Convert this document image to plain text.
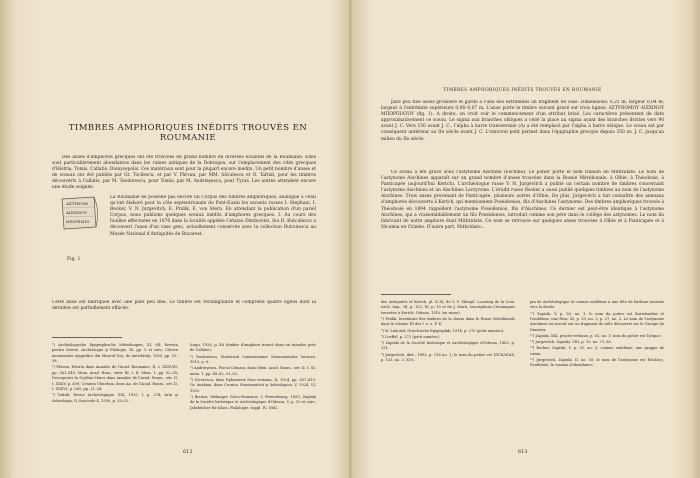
TIMBRES AMPHORIQUES INÉDITS TROUVÉS EN ROUMANIE

Des anses d'amphores grecques ont été trouvées en grand nombre en diverses localités de la Roumanie. Elles sont particulièrement abondantes dans les ruines antiques de la Dobrogea, sur l'emplacement des cités grecques d'Histria, Tomis, Callatis, Dionysopolis. Ces matériaux sont pour la plupart encore inédits. Un petit nombre d'anses et de sceaux ont été publiés par Gr. Tocilescu, et par V. Pârvan, par MM. Săvulescu et O. Tafrali, pour les timbres découverts à Callatis, par M. Teodorescu, pour Tomis, par M. Andrieşescu, pour Tyras. Les autres attendent encore une étude soignée.

ΑΣΤΥΝΟΜ
ΑΙΣΧΙΝΟΥ
ΜΠΟΡΠΙΑΤΟ
Fig. 1

La Roumanie ne possède pas encore un Corpus des timbres amphoriques, analogue à celui qu'ont élaboré pour la côte septentrionale du Pont-Euxin les savants russes I. Stephani, I. Becker, V. N. Jurgevitch, E. Pridik, E. von Stern. En attendant la publication d'un pareil Corpus, nous publions quelques sceaux inédits d'amphores grecques. I. Au cours des fouilles effectuées en 1876 dans la localité appelée Cetatea Dimbovitei, feu D. Butculescu a découvert l'anse d'un vase grec, actuellement conservée avec la collection Butculescu au Musée National d'Antiquités de Bucarest.

Cette anse est fabriquée avec une pâte peu fine. Le timbre est rectangulaire et comprend quatre lignes dont la dernière est partiellement effacée.

¹) Archäologische Epigraphische Mitteilungen, XI, 64; Revista pentru Istorie, Archeologie şi Filologie, IX, pp. 5 et suiv.; Câteva monumente epigrafice din Muzeul Naţ. de Antichităţi, 1905, pp. 52–58.

²) Pârvan, Histria dans Annales de l'Acad. Roumaine, II, s. XXXVIII, pp. 541–543; Mem. Acad. Rom., série III, t. II, Mem. 1, pp. 32–38; Descoperiri în Scythia Minor dans Annales de l'Acad. Roum., sér. II, t. XXXV, p. 490; Cetatea Ulmetum, dans An. de l'Acad. Roum., sér. II, t. XXXVI, p. 561, pp. 21–24.

³) Tafrali, Revue Archéologique, XXI, 1925, I, p. 274; Arta şi Arheologia, II, fascicule 4, 1930, p. 29–52.

Iorga, 1928, p. 46 (timbre d'amphore trouvé dans un tumulus près de Callatis).

⁴) Teodorescu, Statistical Commissioner Monumentelor Istorice, 1915, p. 6.

⁵) Andrieşescu, Piscul Crăsani, dans Mém. Acad. Roum., sér. II, t. XI, mém. 1, pp. 48–82, 91–92.

⁶) Nicorescu, dans Ephemeris Daco-romana, II, 1924, pp. 387–415; Gr. Avakian, dans Cronica Numismatică şi Arheologică, V, 1924, VI, 1925.

⁷) Becker, Mélanges Gréco-Romains, I, Petersbourg, 1855; Zapiski de la Société historique et Archéologique d'Odessa, V, p. 10 et suiv.; Jahrbücher für Klass. Philologie, suppl. IV, 1862.

612
TIMBRES AMPHORIQUES INÉDITS TROUVÉS EN ROUMANIE

pâte peu fine assez grossière et garde à l'une des extrémités un fragment de vase. Dimensions: 0,21 m; largeur 0,04 m; largeur à l'extrémité supérieure 0,06–0,07 m. L'anse porte le timbre suivant gravé sur trois lignes: ΑΣΤΥΝΟΜΟΥ ΑΙΣΧΙΝΟΥ ΜΠΟΡΠΙΑΤΟΥ (fig. 1). A droite, on croit voir le commencement d'un attribut brisé. Les caractères présentent de date approximativement ce sceau. Le sigma aux branches obliques a cédé la place au sigma ayant des branches droites vers 90 avant J. C. Vers 150 avant J. C., l'alpha à barre transversale (A) a été remplacé par l'alpha à barre oblique. Le sceau est par conséquent antérieur au IIe siècle avant J. C. L'omicron petit permet dans l'épigraphie grecque depuis 350 av. J. C. jusqu'au milieu du IIe siècle.

Ce sceau a été gravé sous l'astynome Aischine (Eschine). Le potier porte le nom iranien de Mithridate. Le nom de l'astynome Aischines apparaît sur un grand nombre d'anses trouvées dans la Russie Méridionale, à Olbie, à Théodosie, à Panticapée (aujourd'hui Kertch). L'archéologue russe V. N. Jurgevitch a publié un certain nombre de timbres concernant l'astynome Aischines et un Aischines Lactyrome. L'érudit russe Becker a aussi publié quelques timbres au nom de l'astynome Aischines. Trois anses provenant de Panticapée, plusieurs autres d'Olbie. De plus, Jurgevitch a fait connaître des anneaux d'amphores découverts à Kertch, qui mentionnent Poseidonios, fils d'Aischines l'astynome. Des timbres amphoriques trouvés à Théodosie en 1894 rappellent l'astynome Poseidonios, fils d'Aischines. Ce dernier est peut-être identique à l'astynome Aischines, qui a vraisemblablement un fils Poseidonios, introduit comme son père dans le collège des astynomes. Le nom du fabricant de notre amphore était Mithridate. Ce nom se retrouve sur quelques anses trouvées à Olbie et à Panticapée et à Nicomia en Crimée. D'autre part, Mithridate...

des Antiquités of Kertch, pl. X–XI, de V. V. Skorpil. Locating de la Com. Arch. Imp., III, p. 122; XI, p. 19 et de J. Marti, Inscriptions Céramiques trouvées à Kertch, Odessa, 1910 (en russe).

²) Pridik, Inventaire des timbres de la classe dans le Russe Méridionale dans le volume III des I. o. s. P. E.

³) W. Latichef, Griechische Epigraphik, 1914, p. 270 (petit numéro).

⁴) Loeffel, p. 272 (petit numéro).

⁵) Zapiski de la Société historique et Archéologique d'Odessa, 1883, p. 121.

⁶) Jurgevitch, ibid., 1893, p. 116 no. 1; le nom du potier est ΣΥΓΚΛΕΑΣ; p. 133, no. 2; ΧΥΛ.

pin de Archéologique et comme emblème à une tête de barbare tournée vers la droite.

¹¹) Zapiski, V, p. 56, no. 1: le nom du potier est Kartobardas et l'emblème, une fleur. XI, p. 33, no. 2; p. 27, no. 2. Le nom de l'astynome Aischines est inscrit sur un fragment de tuile découvert sur le Groupe du Dniester.

¹²) Zapiski, XXI, procès-verbaux, p. 61, no. 1: nom du potier est Τρύφων.

¹³) Jurgevitch, Zapiski, VIII, p. 10, no. 79, 80.

¹⁴) Becker, Zapiski, V, p. 35, no. 5; comme emblème, une grappe de raisin.

¹⁵) Jurgevitch, Zapiski, II, no. 55; le nom de l'astynome est Εὐαλίας, Fonthéate, le comme d'abondance.

613
